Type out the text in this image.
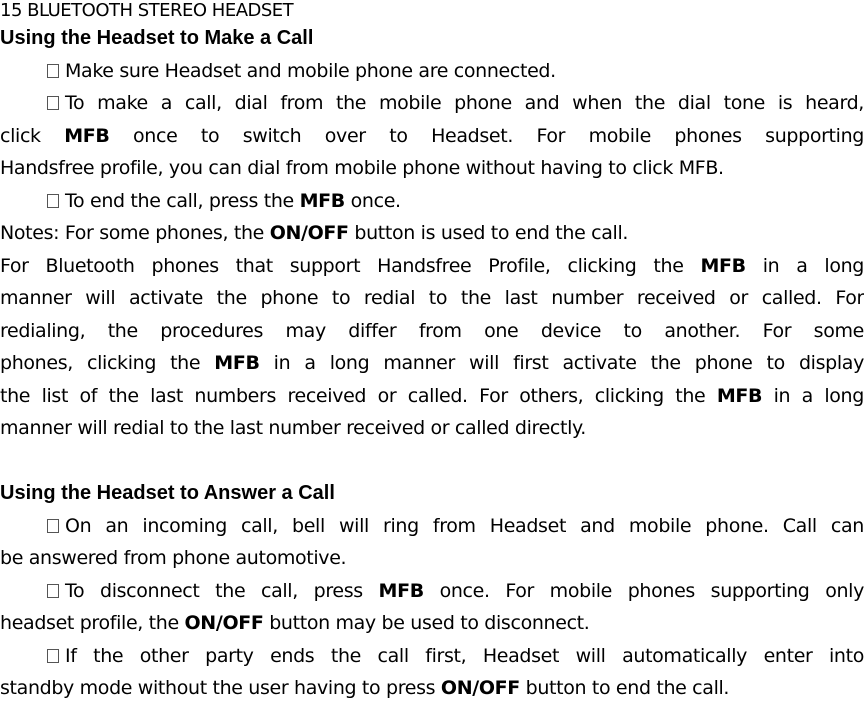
15 BLUETOOTH STEREO HEADSET
Using the Headset to Make a Call
Make sure Headset and mobile phone are connected.
To make a call, dial from the mobile phone and when the dial tone is heard,
click MFB once to switch over to Headset. For mobile phones supporting
Handsfree profile, you can dial from mobile phone without having to click MFB.
To end the call, press the MFB once.
Notes: For some phones, the ON/OFF button is used to end the call.
For Bluetooth phones that support Handsfree Profile, clicking the MFB in a long
manner will activate the phone to redial to the last number received or called. For
redialing, the procedures may differ from one device to another. For some
phones, clicking the MFB in a long manner will first activate the phone to display
the list of the last numbers received or called. For others, clicking the MFB in a long
manner will redial to the last number received or called directly.
Using the Headset to Answer a Call
On an incoming call, bell will ring from Headset and mobile phone. Call can
be answered from phone automotive.
To disconnect the call, press MFB once. For mobile phones supporting only
headset profile, the ON/OFF button may be used to disconnect.
If the other party ends the call first, Headset will automatically enter into
standby mode without the user having to press ON/OFF button to end the call.
